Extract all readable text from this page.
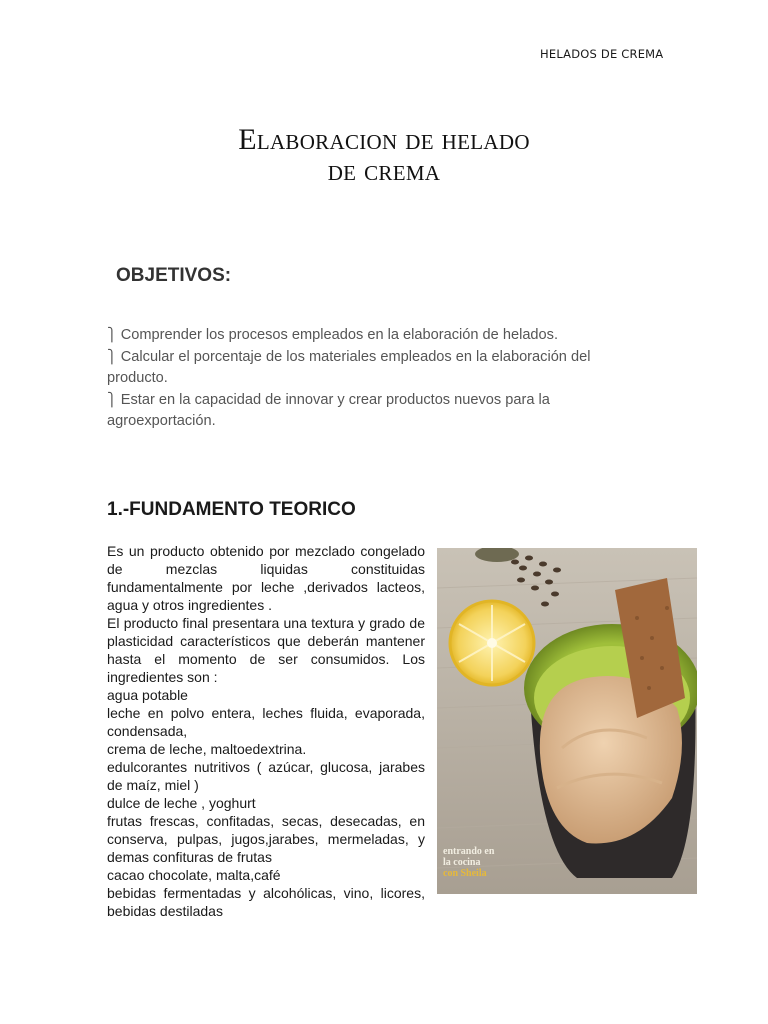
HELADOS DE CREMA
Elaboracion de helado
de crema
OBJETIVOS:

⎫ Comprender los procesos empleados en la elaboración de helados.

⎫ Calcular el porcentaje de los materiales empleados en la elaboración del producto.

⎫ Estar en la capacidad de innovar y crear productos nuevos para la agroexportación.

1.-FUNDAMENTO TEORICO

Es un producto obtenido por mezclado congelado de mezclas liquidas constituidas fundamentalmente por leche ,derivados lacteos, agua y otros ingredientes .

El producto final presentara una textura y grado de plasticidad característicos que deberán mantener hasta el momento de ser consumidos. Los ingredientes son :

agua potable

leche en polvo entera, leches fluida, evaporada, condensada,

crema de leche, maltoedextrina.

edulcorantes nutritivos ( azúcar, glucosa, jarabes de maíz, miel )

dulce de leche , yoghurt

frutas frescas, confitadas, secas, desecadas, en conserva, pulpas, jugos,jarabes, mermeladas, y demas confituras de frutas

cacao chocolate, malta,café

bebidas fermentadas y alcohólicas, vino, licores, bebidas destiladas

entrando en
la cocina
con Sheila
